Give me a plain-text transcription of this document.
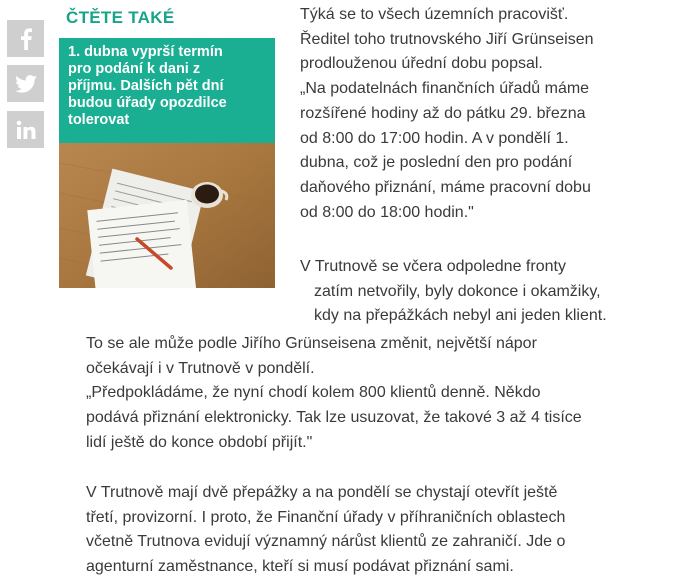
ČTĚTE TAKÉ
1. dubna vyprší termín
pro podání k dani z
příjmu. Dalších pět dní
budou úřady opozdilce
tolerovat

Týká se to všech územních pracovišť.
Ředitel toho trutnovského Jiří Grünseisen
prodlouženou úřední dobu popsal.
„Na podatelnách finančních úřadů máme
rozšířené hodiny až do pátku 29. března
od 8:00 do 17:00 hodin. A v pondělí 1.
dubna, což je poslední den pro podání
daňového přiznání, máme pracovní dobu
od 8:00 do 18:00 hodin."

V Trutnově se včera odpoledne fronty
zatím netvořily, byly dokonce i okamžiky,
kdy na přepážkách nebyl ani jeden klient.

To se ale může podle Jiřího Grünseisena změnit, největší nápor
očekávají i v Trutnově v pondělí.
„Předpokládáme, že nyní chodí kolem 800 klientů denně. Někdo
podává přiznání elektronicky. Tak lze usuzovat, že takové 3 až 4 tisíce
lidí ještě do konce období přijít."

V Trutnově mají dvě přepážky a na pondělí se chystají otevřít ještě
třetí, provizorní. I proto, že Finanční úřady v příhraničních oblastech
včetně Trutnova evidují významný nárůst klientů ze zahraničí. Jde o
agenturní zaměstnance, kteří si musí podávat přiznání sami.
